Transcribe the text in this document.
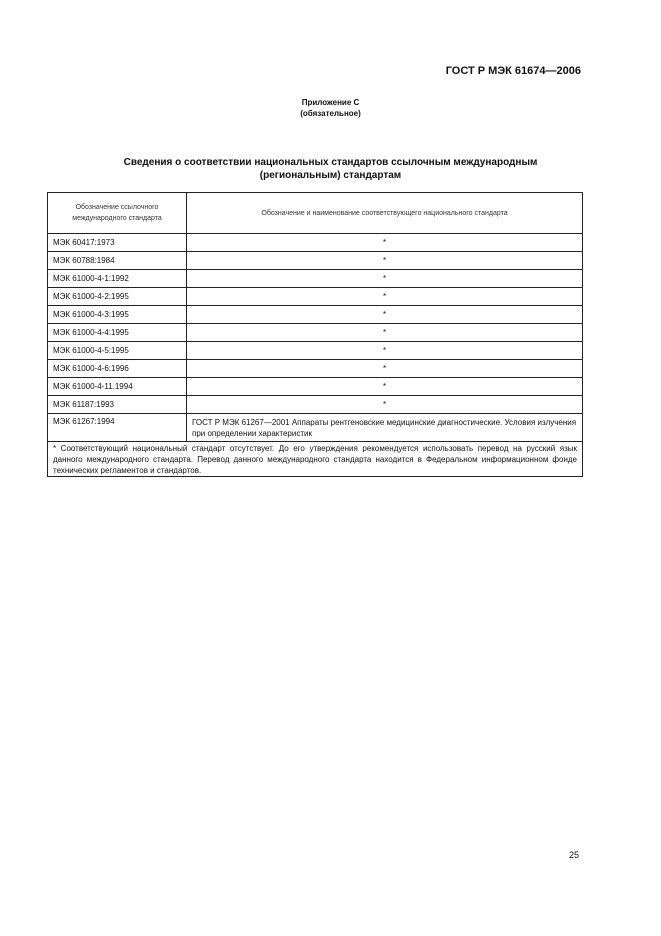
ГОСТ Р МЭК 61674—2006
Приложение С
(обязательное)
Сведения о соответствии национальных стандартов ссылочным международным
(региональным) стандартам
Обозначение ссылочного международного стандарта	Обозначение и наименование соответствующего национального стандарта
МЭК 60417:1973	*
МЭК 60788:1984	*
МЭК 61000-4-1:1992	*
МЭК 61000-4-2:1995	*
МЭК 61000-4-3:1995	*
МЭК 61000-4-4:1995	*
МЭК 61000-4-5:1995	*
МЭК 61000-4-6:1996	*
МЭК 61000-4-11.1994	*
МЭК 61187:1993	*
МЭК 61267:1994	ГОСТ Р МЭК 61267—2001 Аппараты рентгеновские медицинские диагностические. Условия излучения при определении характеристик
* Соответствующий национальный стандарт отсутствует. До его утверждения рекомендуется использовать перевод на русский язык данного международного стандарта. Перевод данного международного стандарта находится в Федеральном информационном фонде технических регламентов и стандартов.	
25
